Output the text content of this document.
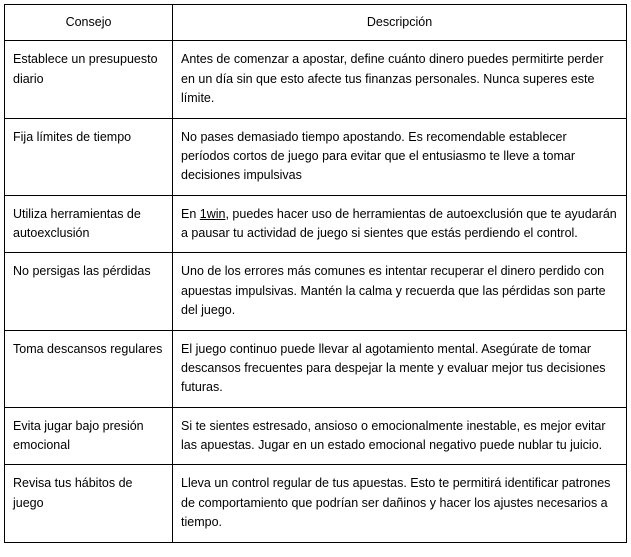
Consejo	Descripción
Establece un presupuesto diario	Antes de comenzar a apostar, define cuánto dinero puedes permitirte perder en un día sin que esto afecte tus finanzas personales. Nunca superes este límite.
Fija límites de tiempo	No pases demasiado tiempo apostando. Es recomendable establecer períodos cortos de juego para evitar que el entusiasmo te lleve a tomar decisiones impulsivas
Utiliza herramientas de autoexclusión	En 1win, puedes hacer uso de herramientas de autoexclusión que te ayudarán a pausar tu actividad de juego si sientes que estás perdiendo el control.
No persigas las pérdidas	Uno de los errores más comunes es intentar recuperar el dinero perdido con apuestas impulsivas. Mantén la calma y recuerda que las pérdidas son parte del juego.
Toma descansos regulares	El juego continuo puede llevar al agotamiento mental. Asegúrate de tomar descansos frecuentes para despejar la mente y evaluar mejor tus decisiones futuras.
Evita jugar bajo presión emocional	Si te sientes estresado, ansioso o emocionalmente inestable, es mejor evitar las apuestas. Jugar en un estado emocional negativo puede nublar tu juicio.
Revisa tus hábitos de juego	Lleva un control regular de tus apuestas. Esto te permitirá identificar patrones de comportamiento que podrían ser dañinos y hacer los ajustes necesarios a tiempo.
